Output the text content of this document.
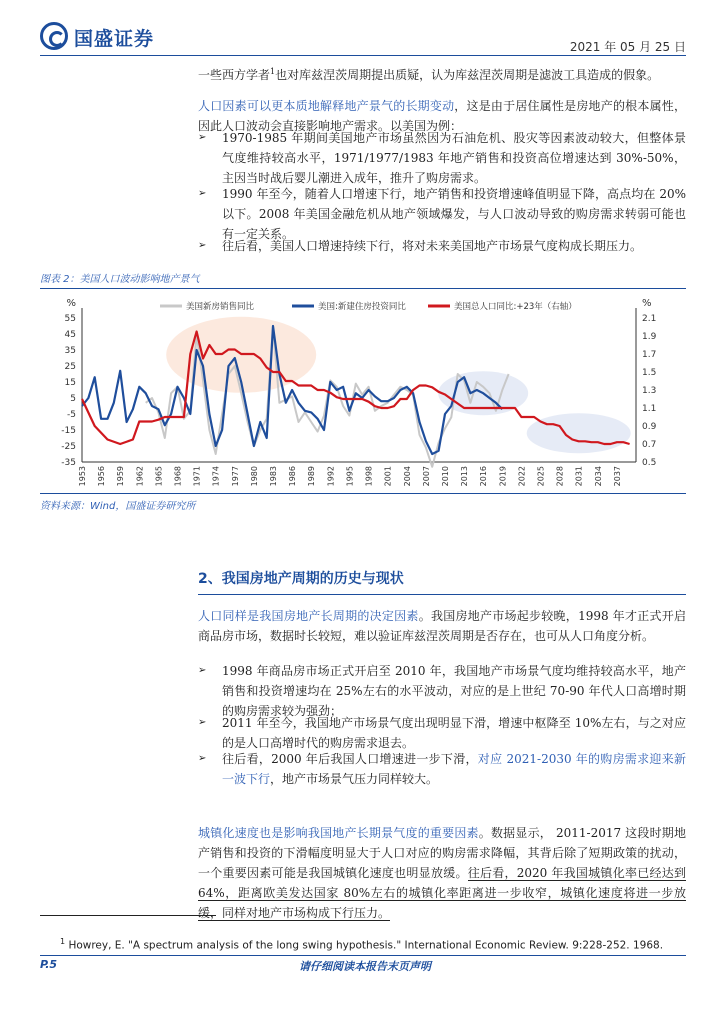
国盛证券	2021 年 05 月 25 日
一些西方学者$^1$也对库兹涅茨周期提出质疑，认为库兹涅茨周期是滤波工具造成的假象。
人口因素可以更本质地解释地产景气的长期变动，这是由于居住属性是房地产的根本属性，因此人口波动会直接影响地产需求。以美国为例：
➢	1970-1985 年期间美国地产市场虽然因为石油危机、股灾等因素波动较大，但整体景气度维持较高水平，1971/1977/1983 年地产销售和投资高位增速达到 30%-50%，主因当时战后婴儿潮进入成年，推升了购房需求。
➢	1990 年至今，随着人口增速下行，地产销售和投资增速峰值明显下降，高点均在 20%以下。2008 年美国金融危机从地产领域爆发，与人口波动导致的购房需求转弱可能也有一定关系。
➢	往后看，美国人口增速持续下行，将对未来美国地产市场景气度构成长期压力。
图表 2：美国人口波动影响地产景气
%	%
55
45
35
25
15
5
-5
-15
-25
-35
2.1
1.9
1.7
1.5
1.3
1.1
0.9
0.7
0.5
1953 1956 1959 1962 1965 1968 1971 1974 1977 1980 1983 1986 1989 1992 1995 1998 2001 2004 2007 2010 2013 2016 2019 2022 2025 2028 2031 2034 2037
美国新房销售同比	美国:新建住房投资同比	美国总人口同比:+23年（右轴）
资料来源：Wind，国盛证券研究所
2、我国房地产周期的历史与现状
人口同样是我国房地产长周期的决定因素。我国房地产市场起步较晚，1998 年才正式开启商品房市场，数据时长较短，难以验证库兹涅茨周期是否存在，也可从人口角度分析。
➢	1998 年商品房市场正式开启至 2010 年，我国地产市场景气度均维持较高水平，地产销售和投资增速均在 25%左右的水平波动，对应的是上世纪 70-90 年代人口高增时期的购房需求较为强劲；
➢	2011 年至今，我国地产市场景气度出现明显下滑，增速中枢降至 10%左右，与之对应的是人口高增时代的购房需求退去。
➢	往后看，2000 年后我国人口增速进一步下滑，对应 2021-2030 年的购房需求迎来新一波下行，地产市场景气压力同样较大。
城镇化速度也是影响我国地产长期景气度的重要因素。数据显示， 2011-2017 这段时期地产销售和投资的下滑幅度明显大于人口对应的购房需求降幅，其背后除了短期政策的扰动，一个重要因素可能是我国城镇化速度也明显放缓。往后看，2020 年我国城镇化率已经达到 64%，距离欧美发达国家 80%左右的城镇化率距离进一步收窄，城镇化速度将进一步放缓，同样对地产市场构成下行压力。
$^1$ Howrey, E. "A spectrum analysis of the long swing hypothesis." International Economic Review. 9:228-252. 1968.
P.5	请仔细阅读本报告末页声明
